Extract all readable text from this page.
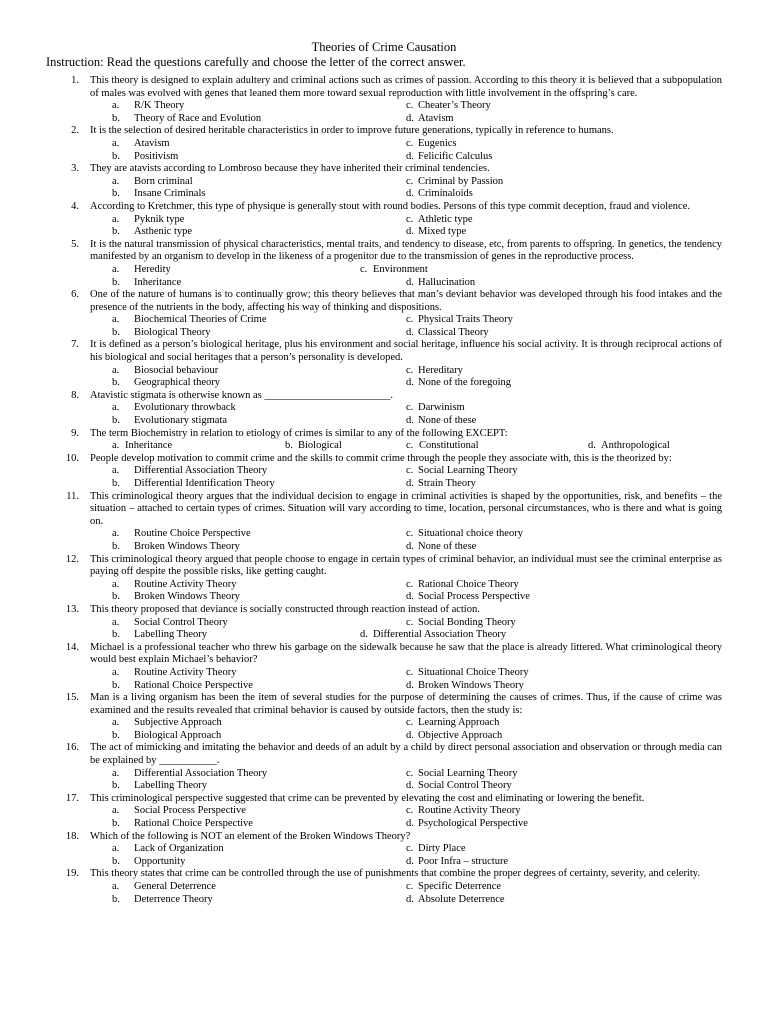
Theories of Crime Causation
Instruction: Read the questions carefully and choose the letter of the correct answer.
1. This theory is designed to explain adultery and criminal actions such as crimes of passion. According to this theory it is believed that a subpopulation of males was evolved with genes that leaned them more toward sexual reproduction with little involvement in the offspring’s care.
a. R/K Theory	c. Cheater’s Theory
b. Theory of Race and Evolution	d. Atavism
2. It is the selection of desired heritable characteristics in order to improve future generations, typically in reference to humans.
a. Atavism	c. Eugenics
b. Positivism	d. Felicific Calculus
3. They are atavists according to Lombroso because they have inherited their criminal tendencies.
a. Born criminal	c. Criminal by Passion
b. Insane Criminals	d. Criminaloids
4. According to Kretchmer, this type of physique is generally stout with round bodies. Persons of this type commit deception, fraud and violence.
a. Pyknik type	c. Athletic type
b. Asthenic type	d. Mixed type
5. It is the natural transmission of physical characteristics, mental traits, and tendency to disease, etc, from parents to offspring. In genetics, the tendency manifested by an organism to develop in the likeness of a progenitor due to the transmission of genes in the reproductive process.
a. Heredity	c. Environment
b. Inheritance	d. Hallucination
6. One of the nature of humans is to continually grow; this theory believes that man’s deviant behavior was developed through his food intakes and the presence of the nutrients in the body, affecting his way of thinking and dispositions.
a. Biochemical Theories of Crime	c. Physical Traits Theory
b. Biological Theory	d. Classical Theory
7. It is defined as a person’s biological heritage, plus his environment and social heritage, influence his social activity. It is through reciprocal actions of his biological and social heritages that a person’s personality is developed.
a. Biosocial behaviour	c. Hereditary
b. Geographical theory	d. None of the foregoing
8. Atavistic stigmata is otherwise known as ________________________.
a. Evolutionary throwback	c. Darwinism
b. Evolutionary stigmata	d. None of these
9. The term Biochemistry in relation to etiology of crimes is similar to any of the following EXCEPT:
a. Inheritance	b. Biological	c. Constitutional	d. Anthropological
10. People develop motivation to commit crime and the skills to commit crime through the people they associate with, this is the theorized by:
a. Differential Association Theory	c. Social Learning Theory
b. Differential Identification Theory	d. Strain Theory
11. This criminological theory argues that the individual decision to engage in criminal activities is shaped by the opportunities, risk, and benefits – the situation – attached to certain types of crimes. Situation will vary according to time, location, personal circumstances, who is there and what is going on.
a. Routine Choice Perspective	c. Situational choice theory
b. Broken Windows Theory	d. None of these
12. This criminological theory argued that people choose to engage in certain types of criminal behavior, an individual must see the criminal enterprise as paying off despite the possible risks, like getting caught.
a. Routine Activity Theory	c. Rational Choice Theory
b. Broken Windows Theory	d. Social Process Perspective
13. This theory proposed that deviance is socially constructed through reaction instead of action.
a. Social Control Theory	c. Social Bonding Theory
b. Labelling Theory	d. Differential Association Theory
14. Michael is a professional teacher who threw his garbage on the sidewalk because he saw that the place is already littered. What criminological theory would best explain Michael’s behavior?
a. Routine Activity Theory	c. Situational Choice Theory
b. Rational Choice Perspective	d. Broken Windows Theory
15. Man is a living organism has been the item of several studies for the purpose of determining the causes of crimes. Thus, if the cause of crime was examined and the results revealed that criminal behavior is caused by outside factors, then the study is:
a. Subjective Approach	c. Learning Approach
b. Biological Approach	d. Objective Approach
16. The act of mimicking and imitating the behavior and deeds of an adult by a child by direct personal association and observation or through media can be explained by ___________.
a. Differential Association Theory	c. Social Learning Theory
b. Labelling Theory	d. Social Control Theory
17. This criminological perspective suggested that crime can be prevented by elevating the cost and eliminating or lowering the benefit.
a. Social Process Perspective	c. Routine Activity Theory
b. Rational Choice Perspective	d. Psychological Perspective
18. Which of the following is NOT an element of the Broken Windows Theory?
a. Lack of Organization	c. Dirty Place
b. Opportunity	d. Poor Infra – structure
19. This theory states that crime can be controlled through the use of punishments that combine the proper degrees of certainty, severity, and celerity.
a. General Deterrence	c. Specific Deterrence
b. Deterrence Theory	d. Absolute Deterrence
